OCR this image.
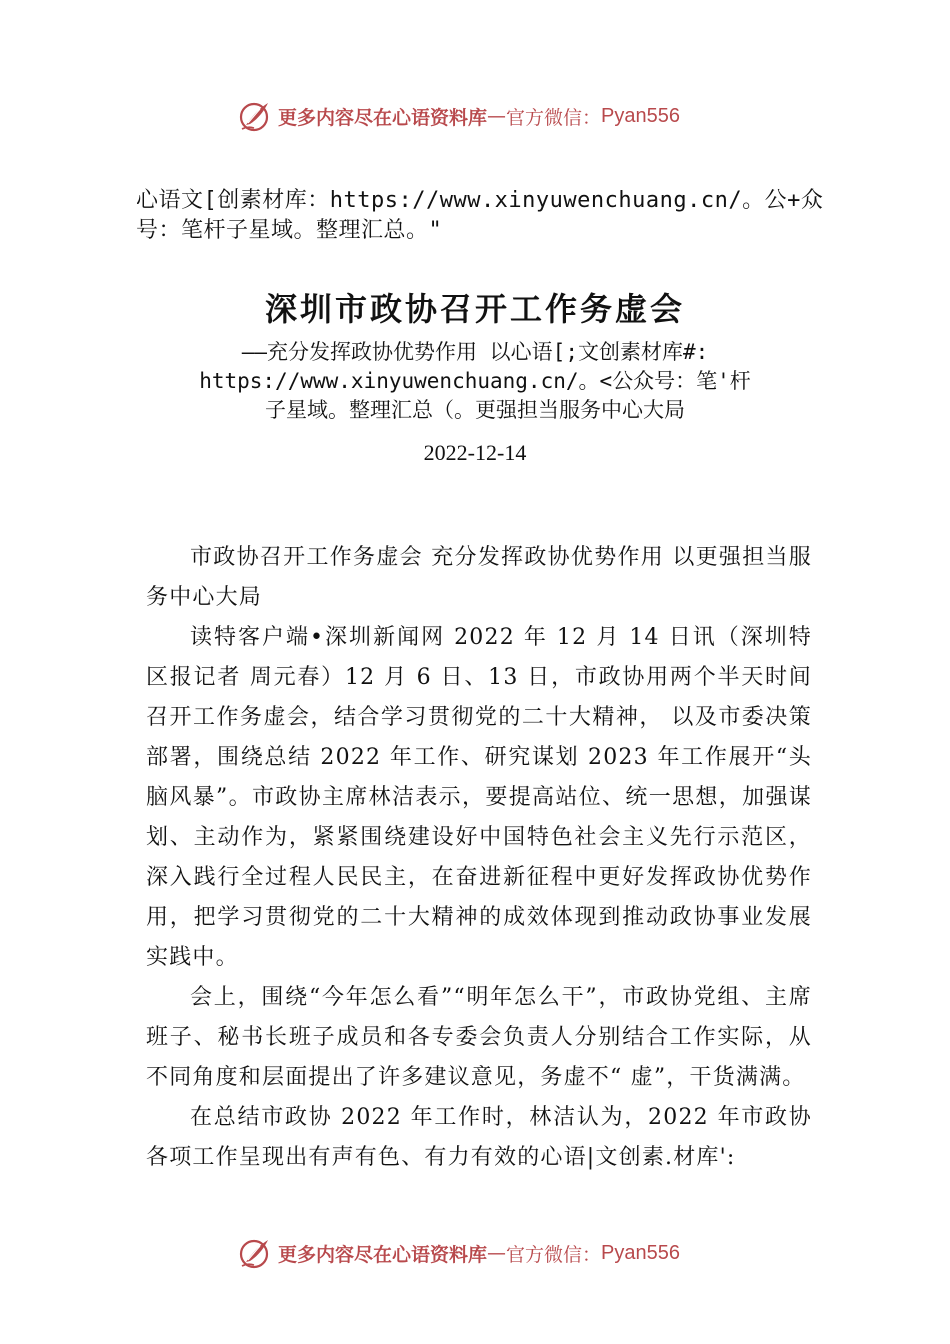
更多内容尽在心语资料库 — 官方微信： Pyan556
心语文[创素材库：https://www.xinyuwenchuang.cn/。公+众号：笔杆子星域。整理汇总。"
深圳市政协召开工作务虚会
——充分发挥政协优势作用 以心语[;文创素材库#:
https://www.xinyuwenchuang.cn/。<公众号：笔'杆
子星域。整理汇总（。更强担当服务中心大局
2022-12-14

市政协召开工作务虚会 充分发挥政协优势作用 以更强担当服务中心大局

读特客户端•深圳新闻网 2022 年 12 月 14 日讯（深圳特区报记者 周元春）12 月 6 日、13 日，市政协用两个半天时间召开工作务虚会，结合学习贯彻党的二十大精神， 以及市委决策部署，围绕总结 2022 年工作、研究谋划 2023 年工作展开“头脑风暴”。市政协主席林洁表示，要提高站位、统一思想，加强谋划、主动作为，紧紧围绕建设好中国特色社会主义先行示范区，深入践行全过程人民民主，在奋进新征程中更好发挥政协优势作用，把学习贯彻党的二十大精神的成效体现到推动政协事业发展实践中。

会上，围绕“今年怎么看”“明年怎么干”，市政协党组、主席班子、秘书长班子成员和各专委会负责人分别结合工作实际，从不同角度和层面提出了许多建议意见，务虚不“ 虚”，干货满满。

在总结市政协 2022 年工作时，林洁认为，2022 年市政协各项工作呈现出有声有色、有力有效的心语|文创素.材库':

更多内容尽在心语资料库 — 官方微信： Pyan556
